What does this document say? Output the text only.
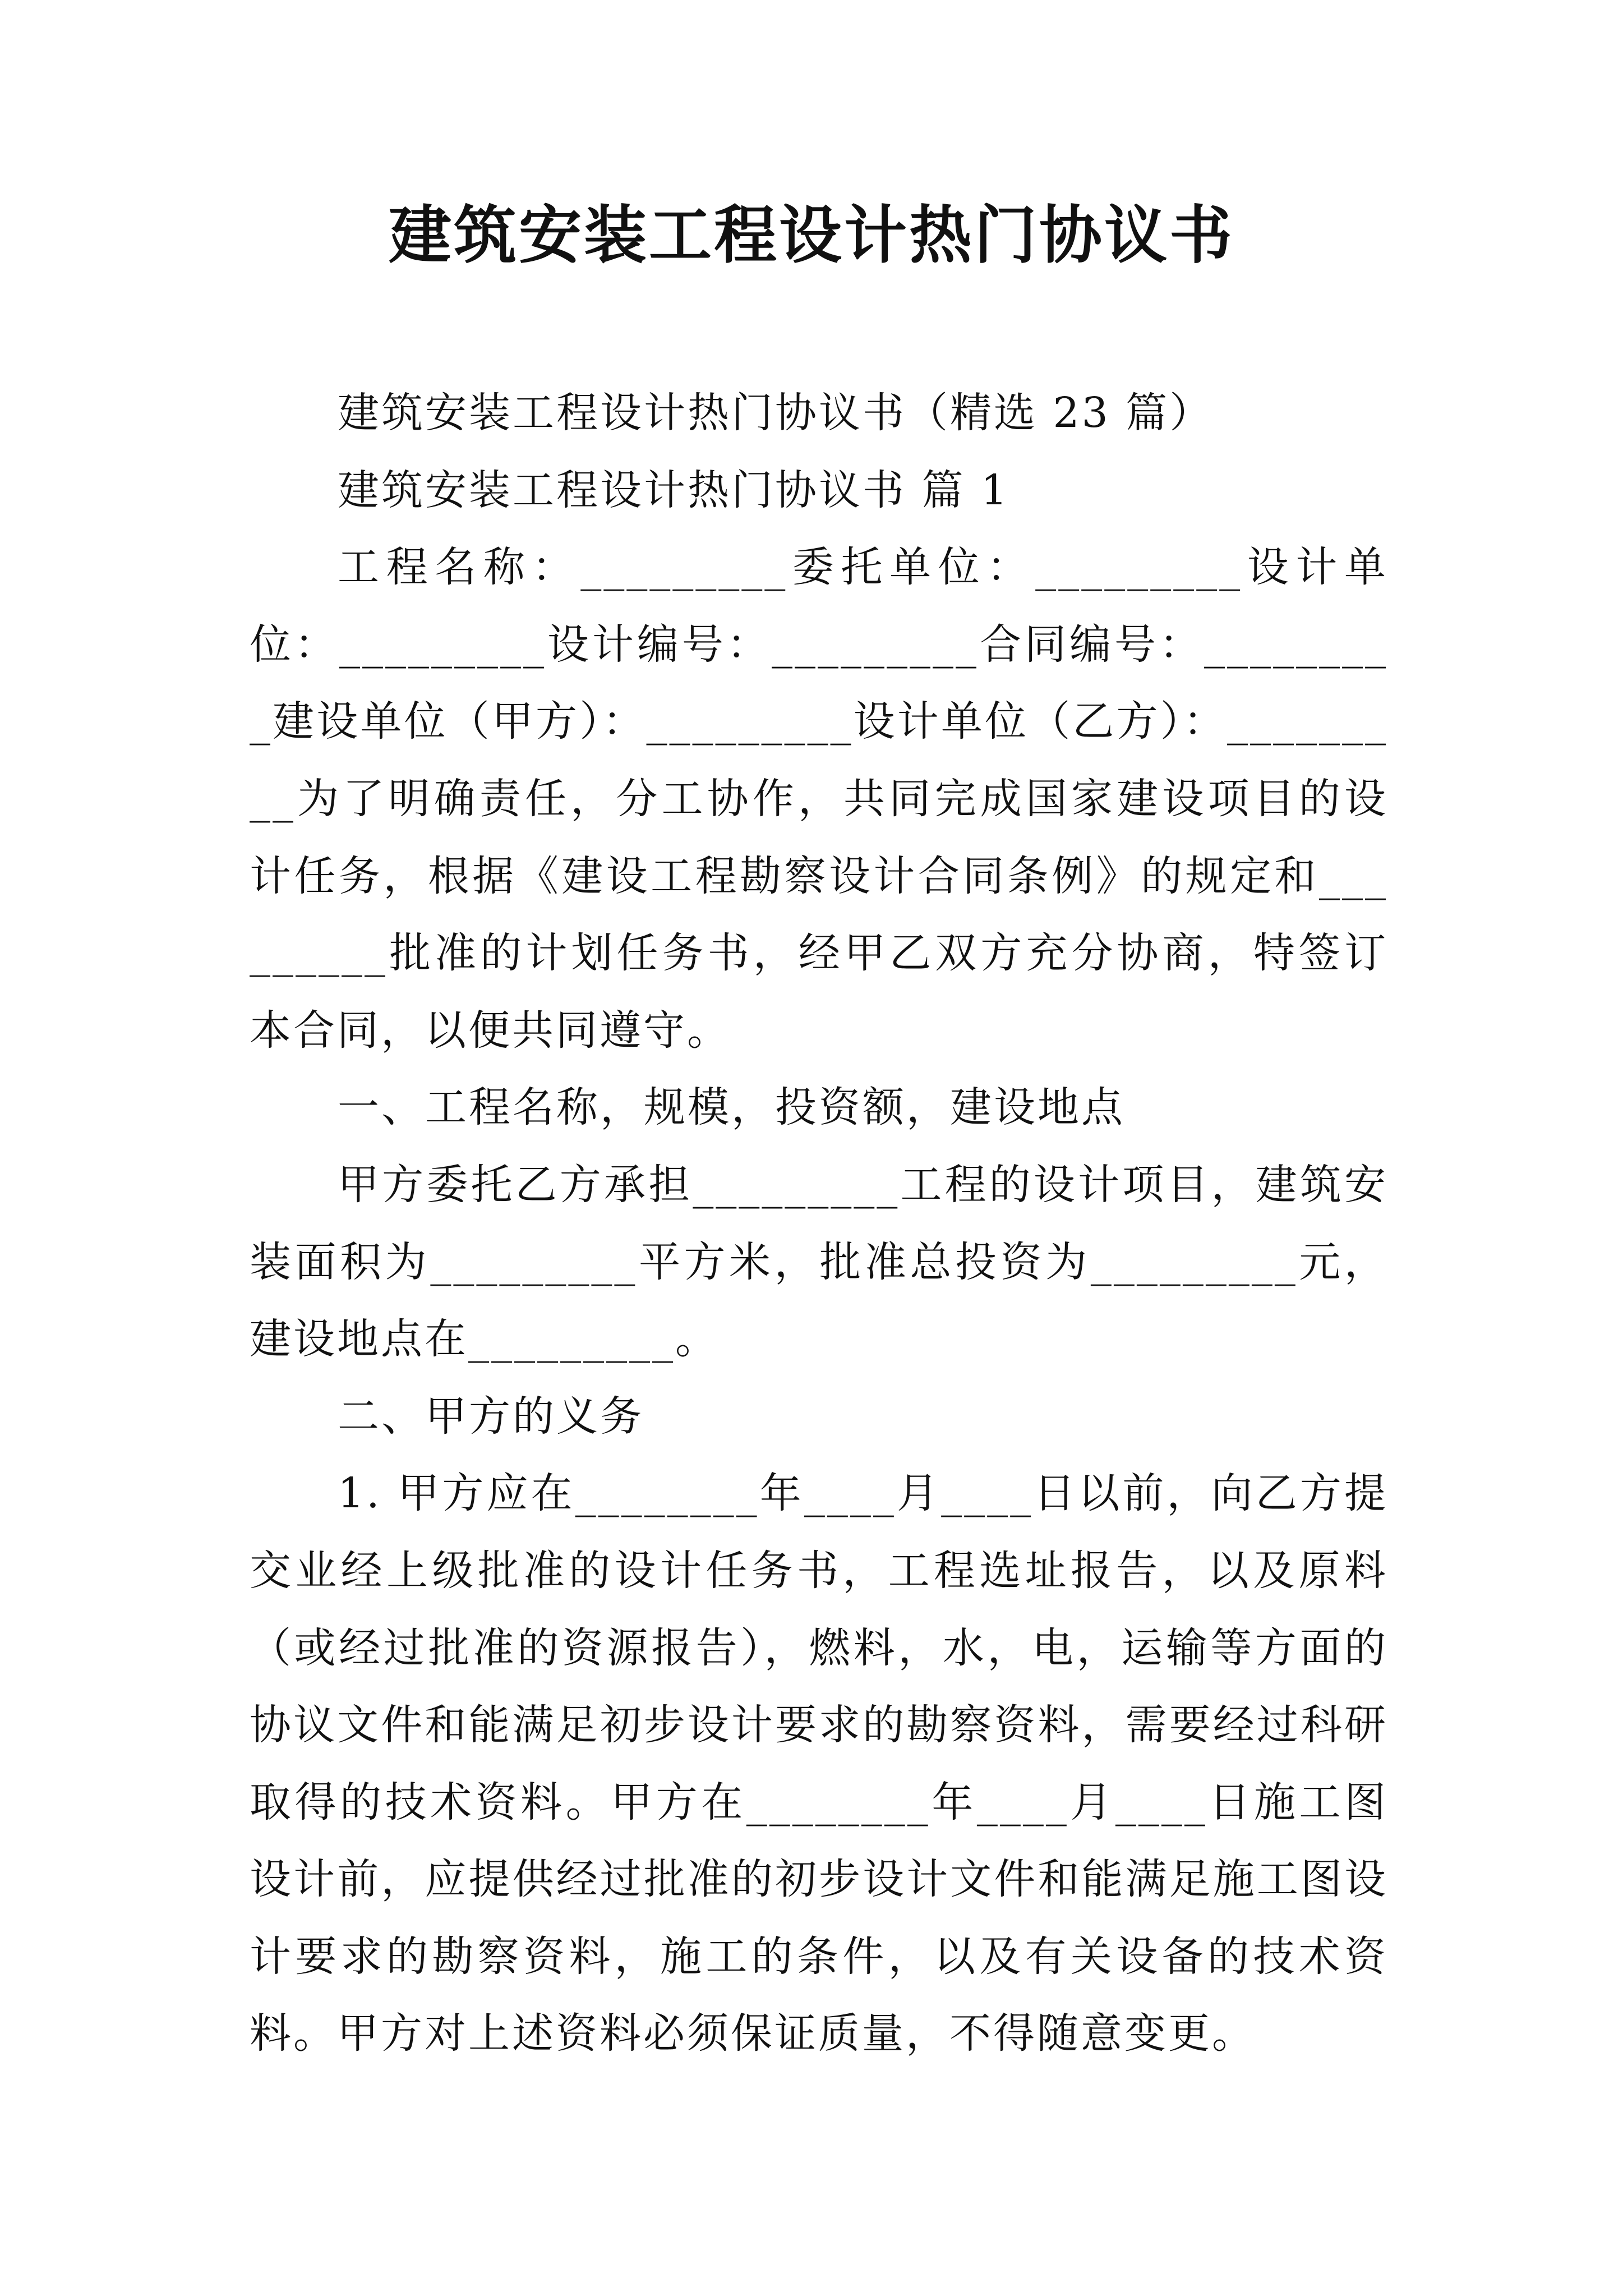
建筑安装工程设计热门协议书

建筑安装工程设计热门协议书（精选 23 篇）

建筑安装工程设计热门协议书 篇 1

工程名称：_________委托单位：_________设计单位：_________设计编号：_________合同编号：_________建设单位（甲方）：_________设计单位（乙方）：_________为了明确责任，分工协作，共同完成国家建设项目的设计任务，根据《建设工程勘察设计合同条例》的规定和_________批准的计划任务书，经甲乙双方充分协商，特签订本合同，以便共同遵守。

一、工程名称，规模，投资额，建设地点

甲方委托乙方承担_________工程的设计项目，建筑安装面积为_________平方米，批准总投资为_________元，建设地点在_________。

二、甲方的义务

1. 甲方应在________年____月____日以前，向乙方提交业经上级批准的设计任务书，工程选址报告，以及原料（或经过批准的资源报告），燃料，水，电，运输等方面的协议文件和能满足初步设计要求的勘察资料，需要经过科研取得的技术资料。甲方在________年____月____日施工图设计前，应提供经过批准的初步设计文件和能满足施工图设计要求的勘察资料，施工的条件，以及有关设备的技术资料。甲方对上述资料必须保证质量，不得随意变更。
